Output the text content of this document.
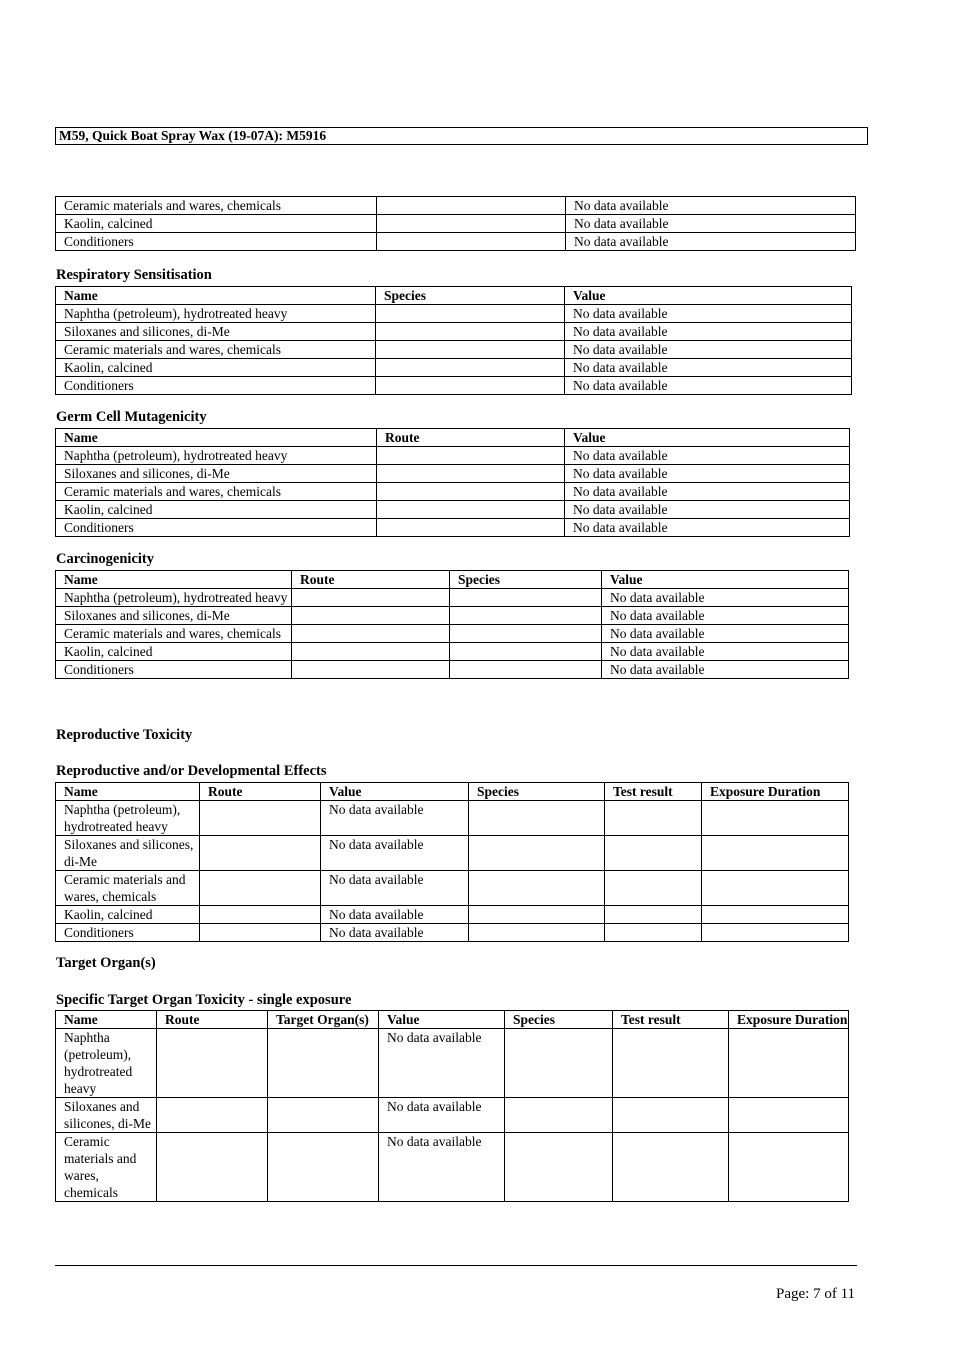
M59, Quick Boat Spray Wax (19-07A): M5916
Ceramic materials and wares, chemicals		No data available
Kaolin, calcined		No data available
Conditioners		No data available
Respiratory Sensitisation
Name	Species	Value
Naphtha (petroleum), hydrotreated heavy		No data available
Siloxanes and silicones, di-Me		No data available
Ceramic materials and wares, chemicals		No data available
Kaolin, calcined		No data available
Conditioners		No data available
Germ Cell Mutagenicity
Name	Route	Value
Naphtha (petroleum), hydrotreated heavy		No data available
Siloxanes and silicones, di-Me		No data available
Ceramic materials and wares, chemicals		No data available
Kaolin, calcined		No data available
Conditioners		No data available
Carcinogenicity
Name	Route	Species	Value
Naphtha (petroleum), hydrotreated heavy			No data available
Siloxanes and silicones, di-Me			No data available
Ceramic materials and wares, chemicals			No data available
Kaolin, calcined			No data available
Conditioners			No data available
Reproductive Toxicity
Reproductive and/or Developmental Effects
Name	Route	Value	Species	Test result	Exposure Duration
Naphtha (petroleum), hydrotreated heavy		No data available			
Siloxanes and silicones, di-Me		No data available			
Ceramic materials and wares, chemicals		No data available			
Kaolin, calcined		No data available			
Conditioners		No data available			
Target Organ(s)
Specific Target Organ Toxicity - single exposure
Name	Route	Target Organ(s)	Value	Species	Test result	Exposure Duration
Naphtha (petroleum), hydrotreated heavy			No data available			
Siloxanes and silicones, di-Me			No data available			
Ceramic materials and wares, chemicals			No data available			
Page: 7 of 11
